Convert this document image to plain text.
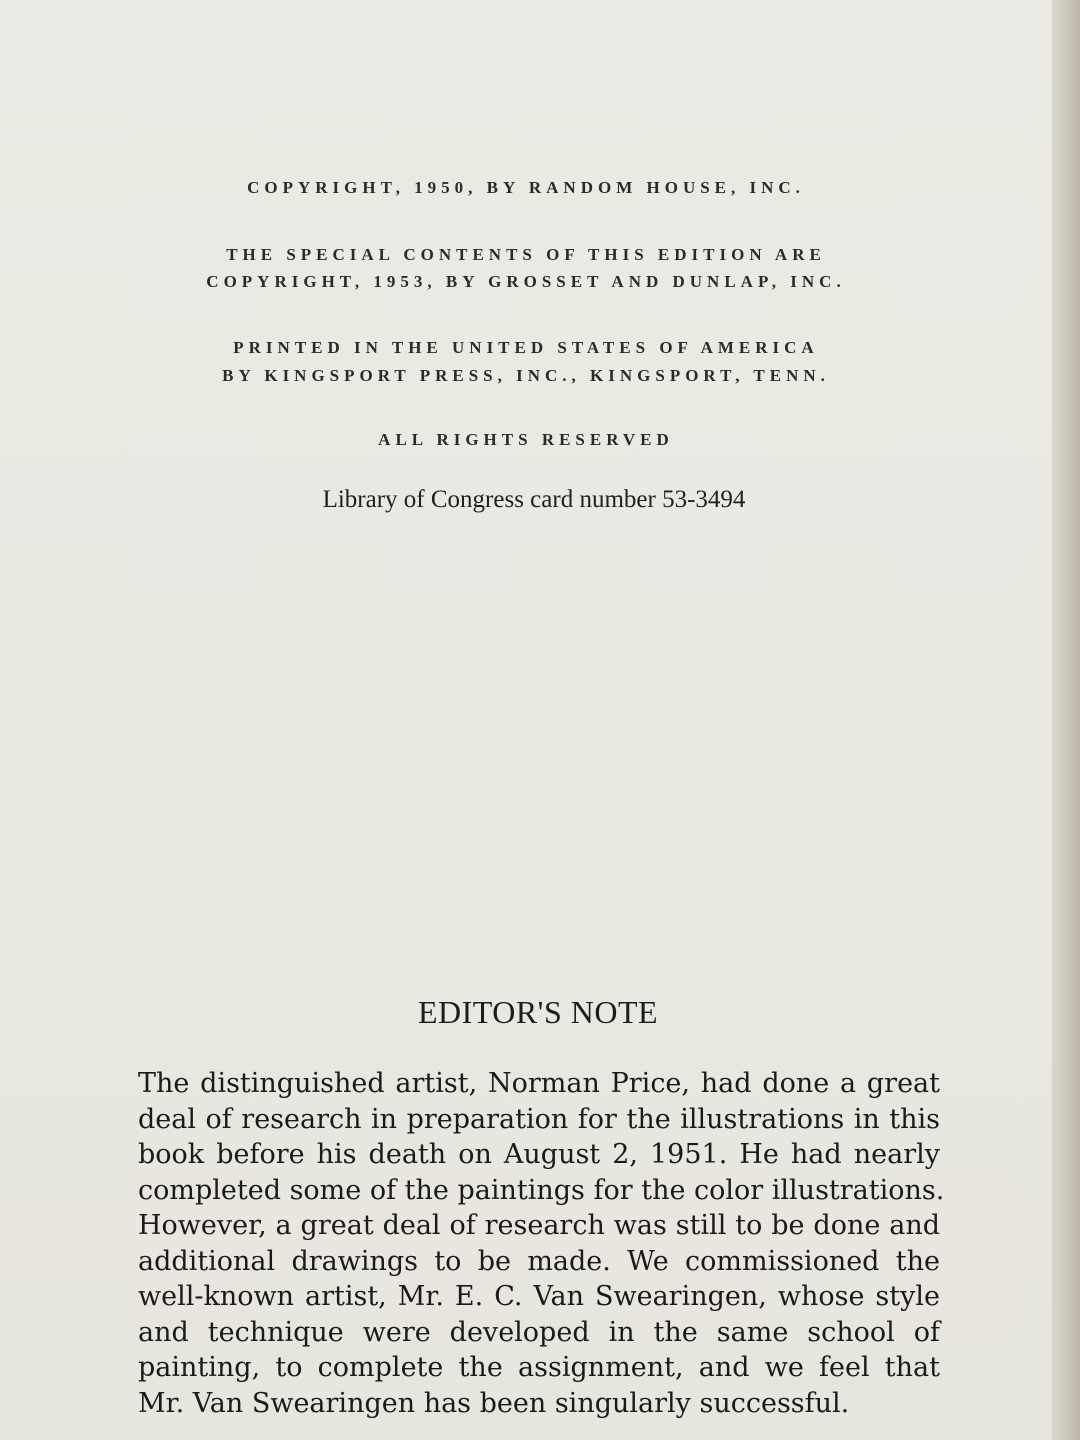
COPYRIGHT, 1950, BY RANDOM HOUSE, INC.
THE SPECIAL CONTENTS OF THIS EDITION ARE
COPYRIGHT, 1953, BY GROSSET AND DUNLAP, INC.
PRINTED IN THE UNITED STATES OF AMERICA
BY KINGSPORT PRESS, INC., KINGSPORT, TENN.
ALL RIGHTS RESERVED
Library of Congress card number 53-3494
EDITOR'S NOTE
The distinguished artist, Norman Price, had done a great
deal of research in preparation for the illustrations in this
book before his death on August 2, 1951. He had nearly
completed some of the paintings for the color illustrations.
However, a great deal of research was still to be done and
additional drawings to be made. We commissioned the
well-known artist, Mr. E. C. Van Swearingen, whose style
and technique were developed in the same school of
painting, to complete the assignment, and we feel that
Mr. Van Swearingen has been singularly successful.
